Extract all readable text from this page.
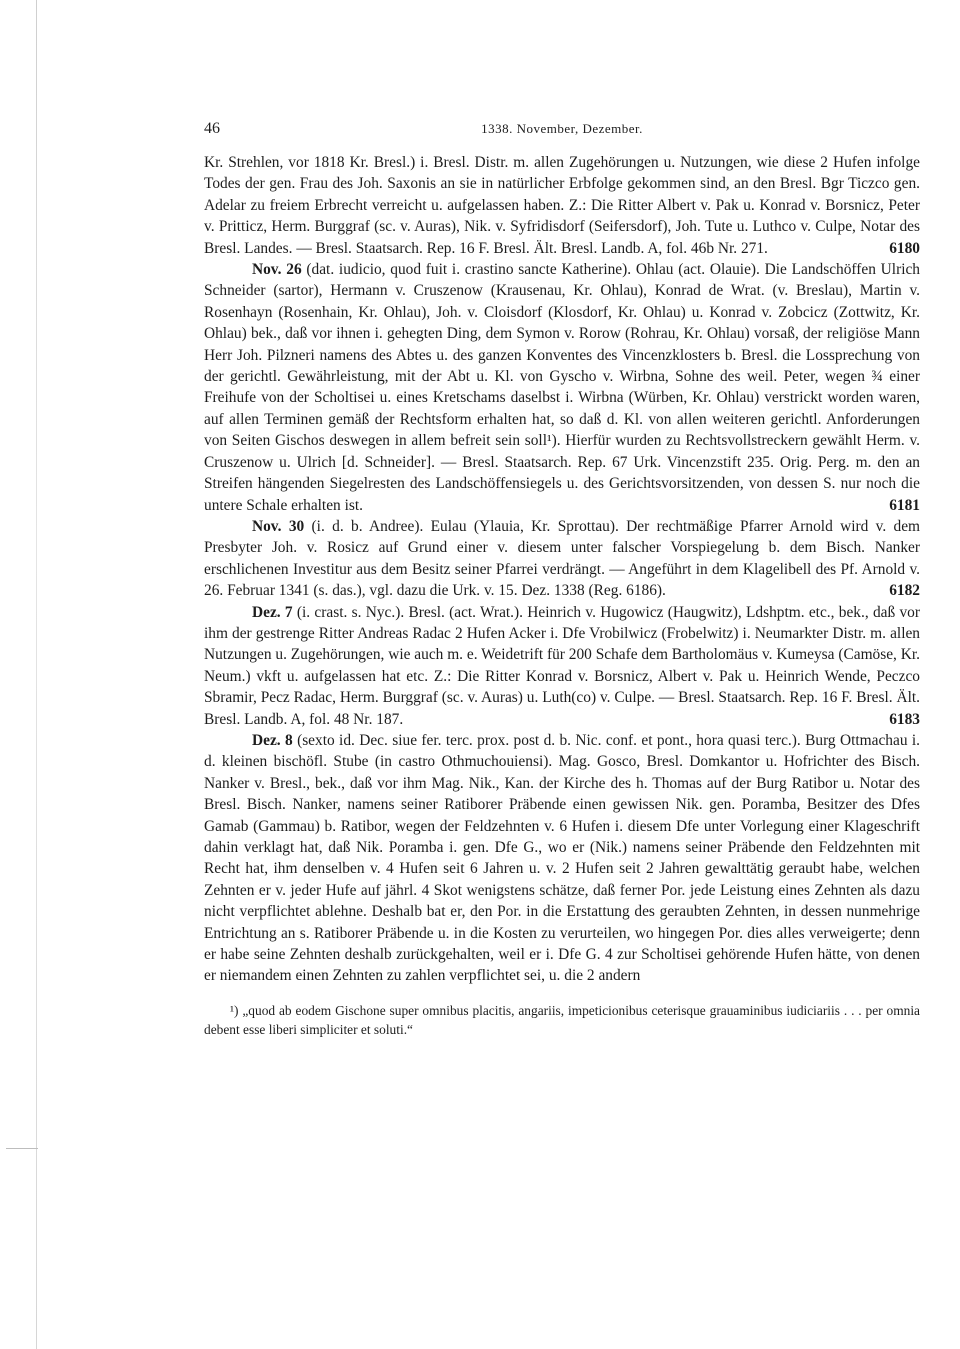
46	1338. November, Dezember.

Kr. Strehlen, vor 1818 Kr. Bresl.) i. Bresl. Distr. m. allen Zugehörungen u. Nutzungen, wie diese 2 Hufen infolge Todes der gen. Frau des Joh. Saxonis an sie in natürlicher Erbfolge gekommen sind, an den Bresl. Bgr Ticzco gen. Adelar zu freiem Erbrecht verreicht u. aufgelassen haben. Z.: Die Ritter Albert v. Pak u. Konrad v. Borsnicz, Peter v. Pritticz, Herm. Burggraf (sc. v. Auras), Nik. v. Syfridisdorf (Seifersdorf), Joh. Tute u. Luthco v. Culpe, Notar des Bresl. Landes. — Bresl. Staatsarch. Rep. 16 F. Bresl. Ält. Bresl. Landb. A, fol. 46b Nr. 271.	6180

Nov. 26 (dat. iudicio, quod fuit i. crastino sancte Katherine). Ohlau (act. Olauie). Die Landschöffen Ulrich Schneider (sartor), Hermann v. Cruszenow (Krausenau, Kr. Ohlau), Konrad de Wrat. (v. Breslau), Martin v. Rosenhayn (Rosenhain, Kr. Ohlau), Joh. v. Cloisdorf (Klosdorf, Kr. Ohlau) u. Konrad v. Zobcicz (Zottwitz, Kr. Ohlau) bek., daß vor ihnen i. gehegten Ding, dem Symon v. Rorow (Rohrau, Kr. Ohlau) vorsaß, der religiöse Mann Herr Joh. Pilzneri namens des Abtes u. des ganzen Konventes des Vincenzklosters b. Bresl. die Lossprechung von der gerichtl. Gewährleistung, mit der Abt u. Kl. von Gyscho v. Wirbna, Sohne des weil. Peter, wegen ¾ einer Freihufe von der Scholtisei u. eines Kretschams daselbst i. Wirbna (Würben, Kr. Ohlau) verstrickt worden waren, auf allen Terminen gemäß der Rechtsform erhalten hat, so daß d. Kl. von allen weiteren gerichtl. Anforderungen von Seiten Gischos deswegen in allem befreit sein soll¹). Hierfür wurden zu Rechtsvollstreckern gewählt Herm. v. Cruszenow u. Ulrich [d. Schneider]. — Bresl. Staatsarch. Rep. 67 Urk. Vincenzstift 235. Orig. Perg. m. den an Streifen hängenden Siegelresten des Landschöffensiegels u. des Gerichtsvorsitzenden, von dessen S. nur noch die untere Schale erhalten ist.	6181

Nov. 30 (i. d. b. Andree). Eulau (Ylauia, Kr. Sprottau). Der rechtmäßige Pfarrer Arnold wird v. dem Presbyter Joh. v. Rosicz auf Grund einer v. diesem unter falscher Vorspiegelung b. dem Bisch. Nanker erschlichenen Investitur aus dem Besitz seiner Pfarrei verdrängt. — Angeführt in dem Klagelibell des Pf. Arnold v. 26. Februar 1341 (s. das.), vgl. dazu die Urk. v. 15. Dez. 1338 (Reg. 6186).	6182

Dez. 7 (i. crast. s. Nyc.). Bresl. (act. Wrat.). Heinrich v. Hugowicz (Haugwitz), Ldshptm. etc., bek., daß vor ihm der gestrenge Ritter Andreas Radac 2 Hufen Acker i. Dfe Vrobilwicz (Frobelwitz) i. Neumarkter Distr. m. allen Nutzungen u. Zugehörungen, wie auch m. e. Weidetrift für 200 Schafe dem Bartholomäus v. Kumeysa (Camöse, Kr. Neum.) vkft u. aufgelassen hat etc. Z.: Die Ritter Konrad v. Borsnicz, Albert v. Pak u. Heinrich Wende, Peczco Sbramir, Pecz Radac, Herm. Burggraf (sc. v. Auras) u. Luth(co) v. Culpe. — Bresl. Staatsarch. Rep. 16 F. Bresl. Ält. Bresl. Landb. A, fol. 48 Nr. 187.	6183

Dez. 8 (sexto id. Dec. siue fer. terc. prox. post d. b. Nic. conf. et pont., hora quasi terc.). Burg Ottmachau i. d. kleinen bischöfl. Stube (in castro Othmuchouiensi). Mag. Gosco, Bresl. Domkantor u. Hofrichter des Bisch. Nanker v. Bresl., bek., daß vor ihm Mag. Nik., Kan. der Kirche des h. Thomas auf der Burg Ratibor u. Notar des Bresl. Bisch. Nanker, namens seiner Ratiborer Präbende einen gewissen Nik. gen. Poramba, Besitzer des Dfes Gamab (Gammau) b. Ratibor, wegen der Feldzehnten v. 6 Hufen i. diesem Dfe unter Vorlegung einer Klageschrift dahin verklagt hat, daß Nik. Poramba i. gen. Dfe G., wo er (Nik.) namens seiner Präbende den Feldzehnten mit Recht hat, ihm denselben v. 4 Hufen seit 6 Jahren u. v. 2 Hufen seit 2 Jahren gewalttätig geraubt habe, welchen Zehnten er v. jeder Hufe auf jährl. 4 Skot wenigstens schätze, daß ferner Por. jede Leistung eines Zehnten als dazu nicht verpflichtet ablehne. Deshalb bat er, den Por. in die Erstattung des geraubten Zehnten, in dessen nunmehrige Entrichtung an s. Ratiborer Präbende u. in die Kosten zu verurteilen, wo hingegen Por. dies alles verweigerte; denn er habe seine Zehnten deshalb zurückgehalten, weil er i. Dfe G. 4 zur Scholtisei gehörende Hufen hätte, von denen er niemandem einen Zehnten zu zahlen verpflichtet sei, u. die 2 andern

¹) „quod ab eodem Gischone super omnibus placitis, angariis, impeticionibus ceterisque grauaminibus iudiciariis . . . per omnia debent esse liberi simpliciter et soluti.“
